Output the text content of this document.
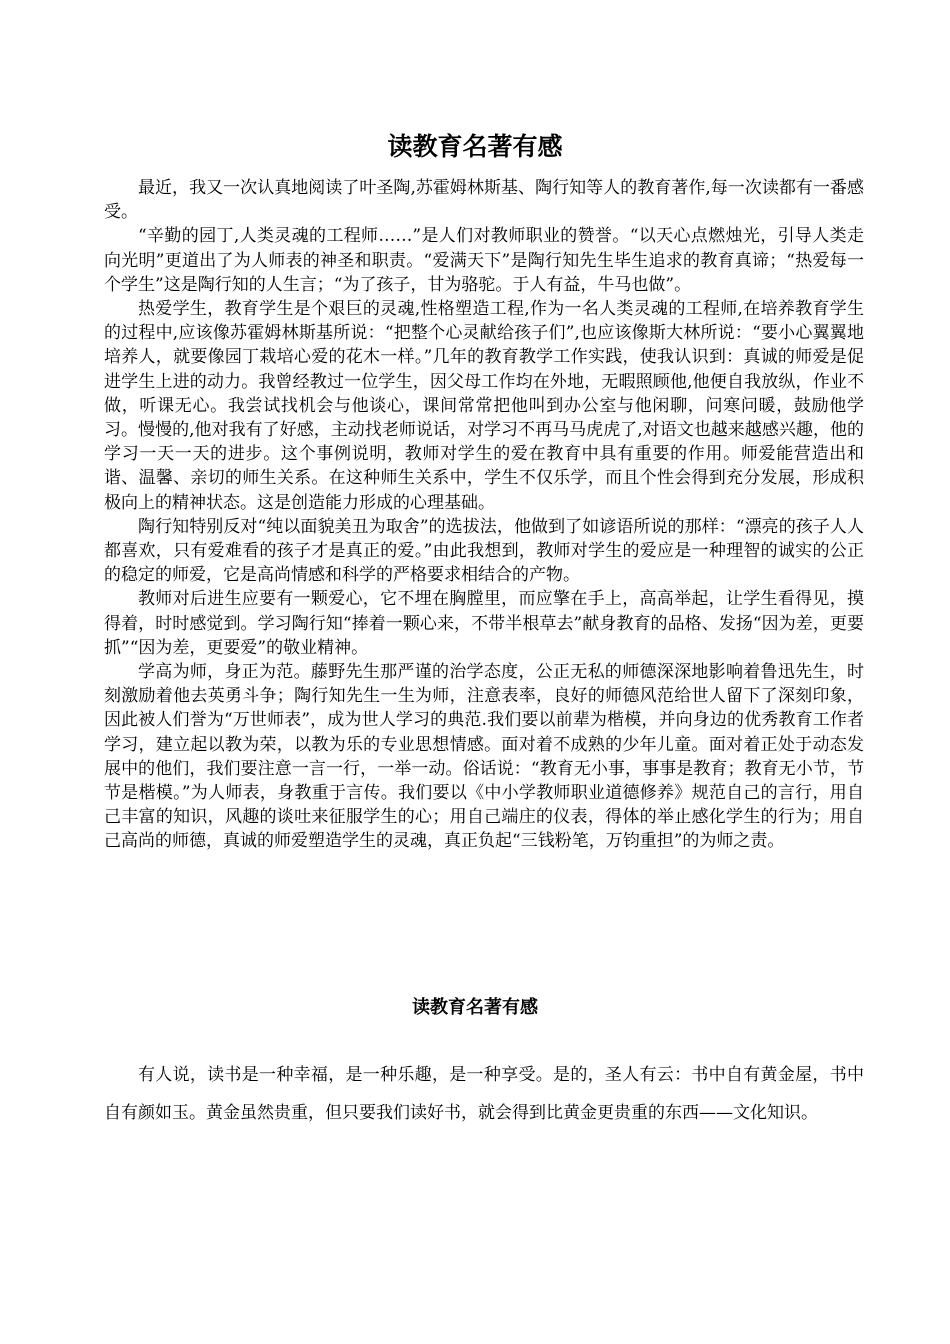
读教育名著有感

最近，我又一次认真地阅读了叶圣陶,苏霍姆林斯基、陶行知等人的教育著作,每一次读都有一番感受。

“辛勤的园丁,人类灵魂的工程师……”是人们对教师职业的赞誉。“以天心点燃烛光，引导人类走向光明”更道出了为人师表的神圣和职责。“爱满天下”是陶行知先生毕生追求的教育真谛；“热爱每一个学生”这是陶行知的人生言；“为了孩子，甘为骆驼。于人有益，牛马也做”。

热爱学生，教育学生是个艰巨的灵魂,性格塑造工程,作为一名人类灵魂的工程师,在培养教育学生的过程中,应该像苏霍姆林斯基所说：“把整个心灵献给孩子们”,也应该像斯大林所说：“要小心翼翼地培养人，就要像园丁栽培心爱的花木一样。”几年的教育教学工作实践，使我认识到：真诚的师爱是促进学生上进的动力。我曾经教过一位学生，因父母工作均在外地，无暇照顾他,他便自我放纵，作业不做，听课无心。我尝试找机会与他谈心，课间常常把他叫到办公室与他闲聊，问寒问暖，鼓励他学习。慢慢的,他对我有了好感，主动找老师说话，对学习不再马马虎虎了,对语文也越来越感兴趣，他的学习一天一天的进步。这个事例说明，教师对学生的爱在教育中具有重要的作用。师爱能营造出和谐、温馨、亲切的师生关系。在这种师生关系中，学生不仅乐学，而且个性会得到充分发展，形成积极向上的精神状态。这是创造能力形成的心理基础。

陶行知特别反对“纯以面貌美丑为取舍”的选拔法，他做到了如谚语所说的那样：“漂亮的孩子人人都喜欢，只有爱难看的孩子才是真正的爱。”由此我想到，教师对学生的爱应是一种理智的诚实的公正的稳定的师爱，它是高尚情感和科学的严格要求相结合的产物。

教师对后进生应要有一颗爱心，它不埋在胸膛里，而应擎在手上，高高举起，让学生看得见，摸得着，时时感觉到。学习陶行知“捧着一颗心来，不带半根草去”献身教育的品格、发扬“因为差，更要抓”“因为差，更要爱”的敬业精神。

学高为师，身正为范。藤野先生那严谨的治学态度，公正无私的师德深深地影响着鲁迅先生，时刻激励着他去英勇斗争；陶行知先生一生为师，注意表率，良好的师德风范给世人留下了深刻印象，因此被人们誉为“万世师表”，成为世人学习的典范.我们要以前辈为楷模，并向身边的优秀教育工作者学习，建立起以教为荣，以教为乐的专业思想情感。面对着不成熟的少年儿童。面对着正处于动态发展中的他们，我们要注意一言一行，一举一动。俗话说：“教育无小事，事事是教育；教育无小节，节节是楷模。”为人师表，身教重于言传。我们要以《中小学教师职业道德修养》规范自己的言行，用自己丰富的知识，风趣的谈吐来征服学生的心；用自己端庄的仪表，得体的举止感化学生的行为；用自己高尚的师德，真诚的师爱塑造学生的灵魂，真正负起“三钱粉笔，万钧重担”的为师之责。

读教育名著有感

有人说，读书是一种幸福，是一种乐趣，是一种享受。是的，圣人有云：书中自有黄金屋，书中自有颜如玉。黄金虽然贵重，但只要我们读好书，就会得到比黄金更贵重的东西——文化知识。
